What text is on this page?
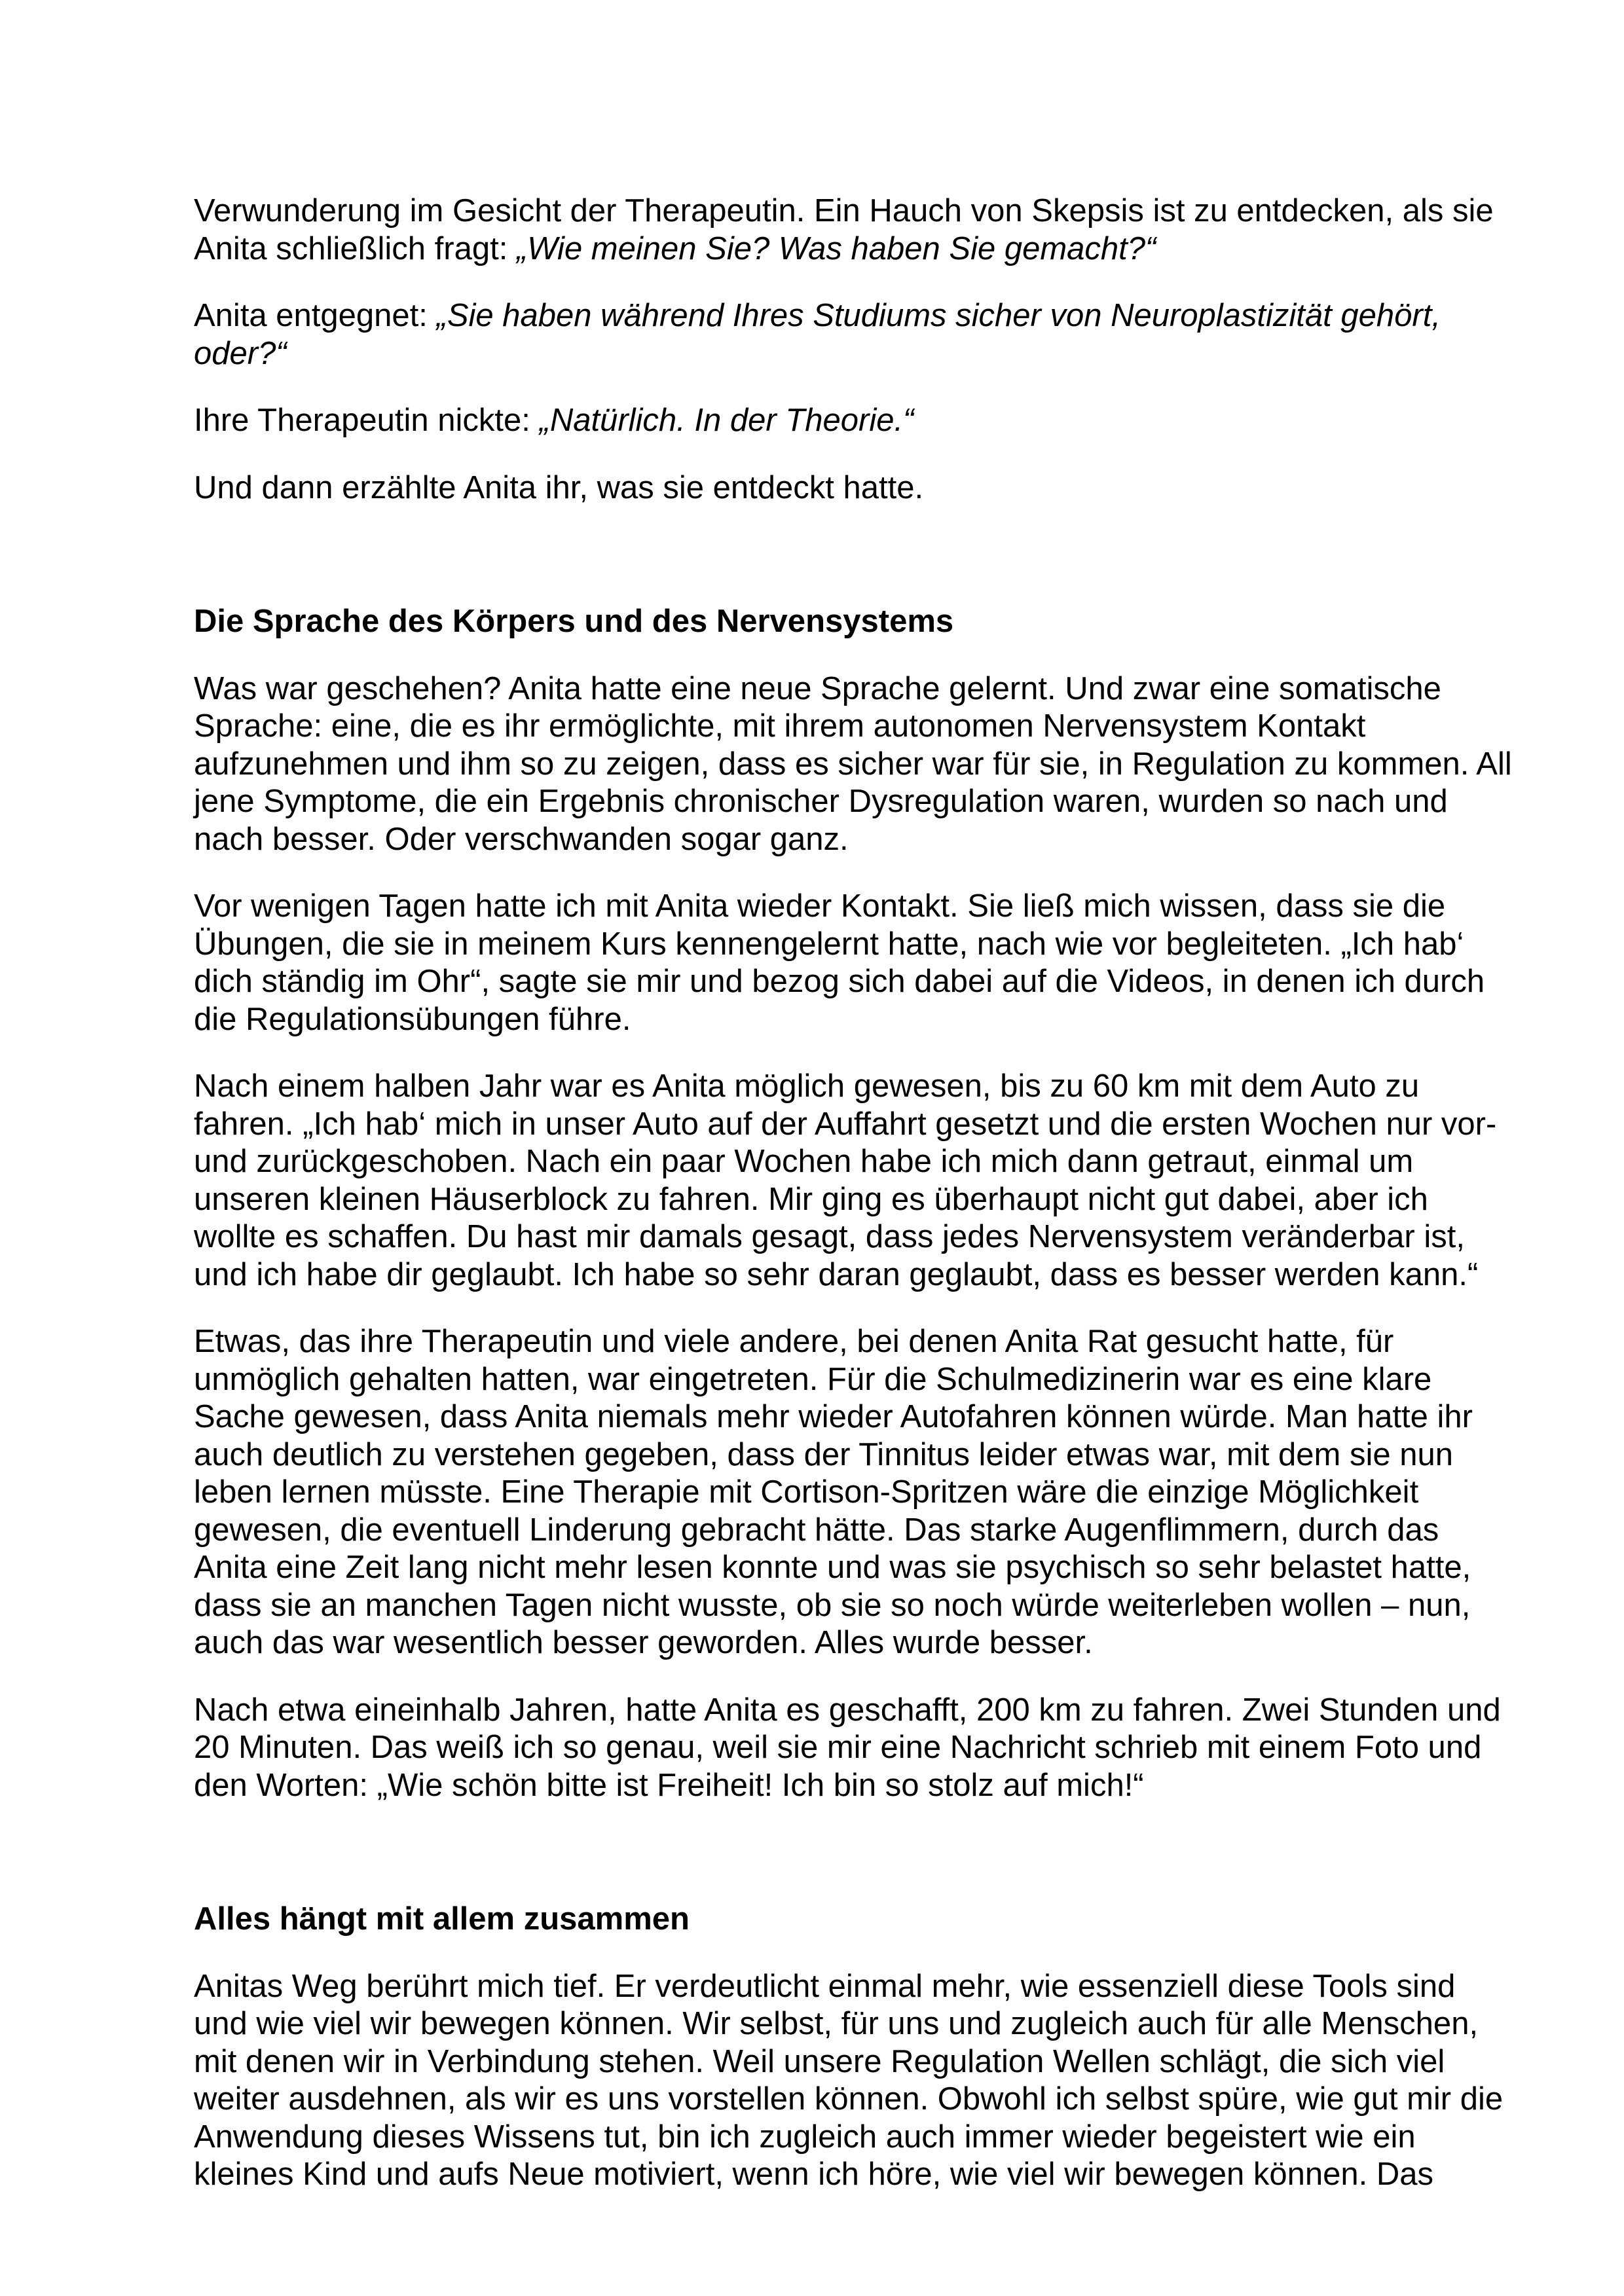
Verwunderung im Gesicht der Therapeutin. Ein Hauch von Skepsis ist zu entdecken, als sie
Anita schließlich fragt: „Wie meinen Sie? Was haben Sie gemacht?“

Anita entgegnet: „Sie haben während Ihres Studiums sicher von Neuroplastizität gehört,
oder?“

Ihre Therapeutin nickte: „Natürlich. In der Theorie.“

Und dann erzählte Anita ihr, was sie entdeckt hatte.

Die Sprache des Körpers und des Nervensystems

Was war geschehen? Anita hatte eine neue Sprache gelernt. Und zwar eine somatische
Sprache: eine, die es ihr ermöglichte, mit ihrem autonomen Nervensystem Kontakt
aufzunehmen und ihm so zu zeigen, dass es sicher war für sie, in Regulation zu kommen. All
jene Symptome, die ein Ergebnis chronischer Dysregulation waren, wurden so nach und
nach besser. Oder verschwanden sogar ganz.

Vor wenigen Tagen hatte ich mit Anita wieder Kontakt. Sie ließ mich wissen, dass sie die
Übungen, die sie in meinem Kurs kennengelernt hatte, nach wie vor begleiteten. „Ich hab‘
dich ständig im Ohr“, sagte sie mir und bezog sich dabei auf die Videos, in denen ich durch
die Regulationsübungen führe.

Nach einem halben Jahr war es Anita möglich gewesen, bis zu 60 km mit dem Auto zu
fahren. „Ich hab‘ mich in unser Auto auf der Auffahrt gesetzt und die ersten Wochen nur vor-
und zurückgeschoben. Nach ein paar Wochen habe ich mich dann getraut, einmal um
unseren kleinen Häuserblock zu fahren. Mir ging es überhaupt nicht gut dabei, aber ich
wollte es schaffen. Du hast mir damals gesagt, dass jedes Nervensystem veränderbar ist,
und ich habe dir geglaubt. Ich habe so sehr daran geglaubt, dass es besser werden kann.“

Etwas, das ihre Therapeutin und viele andere, bei denen Anita Rat gesucht hatte, für
unmöglich gehalten hatten, war eingetreten. Für die Schulmedizinerin war es eine klare
Sache gewesen, dass Anita niemals mehr wieder Autofahren können würde. Man hatte ihr
auch deutlich zu verstehen gegeben, dass der Tinnitus leider etwas war, mit dem sie nun
leben lernen müsste. Eine Therapie mit Cortison-Spritzen wäre die einzige Möglichkeit
gewesen, die eventuell Linderung gebracht hätte. Das starke Augenflimmern, durch das
Anita eine Zeit lang nicht mehr lesen konnte und was sie psychisch so sehr belastet hatte,
dass sie an manchen Tagen nicht wusste, ob sie so noch würde weiterleben wollen – nun,
auch das war wesentlich besser geworden. Alles wurde besser.

Nach etwa eineinhalb Jahren, hatte Anita es geschafft, 200 km zu fahren. Zwei Stunden und
20 Minuten. Das weiß ich so genau, weil sie mir eine Nachricht schrieb mit einem Foto und
den Worten: „Wie schön bitte ist Freiheit! Ich bin so stolz auf mich!“

Alles hängt mit allem zusammen

Anitas Weg berührt mich tief. Er verdeutlicht einmal mehr, wie essenziell diese Tools sind
und wie viel wir bewegen können. Wir selbst, für uns und zugleich auch für alle Menschen,
mit denen wir in Verbindung stehen. Weil unsere Regulation Wellen schlägt, die sich viel
weiter ausdehnen, als wir es uns vorstellen können. Obwohl ich selbst spüre, wie gut mir die
Anwendung dieses Wissens tut, bin ich zugleich auch immer wieder begeistert wie ein
kleines Kind und aufs Neue motiviert, wenn ich höre, wie viel wir bewegen können. Das
